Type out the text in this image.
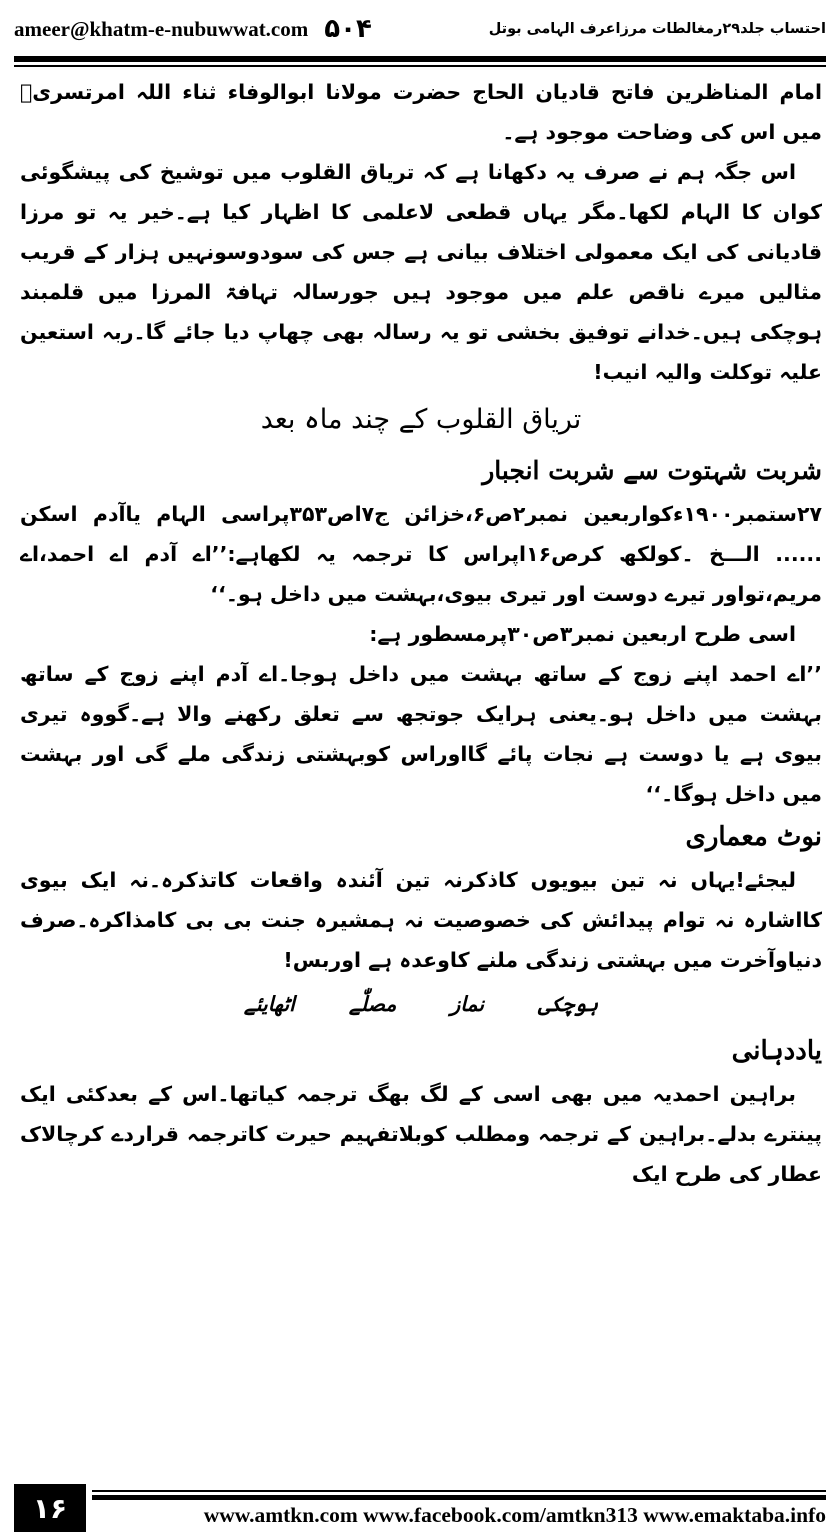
ameer@khatm-e-nubuwwat.com ۵۰۴	احتساب جلد۲۹رمغالطات مرزاعرف الہامی بوتل

امام المناظرین فاتح قادیان الحاج حضرت مولانا ابوالوفاء ثناء اللہ امرتسریؒ میں اس کی وضاحت موجود ہے۔

اس جگہ ہم نے صرف یہ دکھانا ہے کہ تریاق القلوب میں توشیخ کی پیشگوئی کوان کا الہام لکھا۔مگر یہاں قطعی لاعلمی کا اظہار کیا ہے۔خیر یہ تو مرزا قادیانی کی ایک معمولی اختلاف بیانی ہے جس کی سودوسونہیں ہزار کے قریب مثالیں میرے ناقص علم میں موجود ہیں جورسالہ تہافۃ المرزا میں قلمبند ہوچکی ہیں۔خدانے توفیق بخشی تو یہ رسالہ بھی چھاپ دیا جائے گا۔ربہ استعین علیہ توکلت والیہ انیب!

تریاق القلوب کے چند ماہ بعد

شربت شہتوت سے شربت انجبار

۲۷ستمبر۱۹۰۰ءکواربعین نمبر۲ص۶،خزائن ج۷اص۳۵۳پراسی الہام یاآدم اسکن ...... الـــخ ۔کولکھ کرص۱۶اپراس کا ترجمہ یہ لکھاہے:’’اے آدم اے احمد،اے مریم،تواور تیرے دوست اور تیری بیوی،بہشت میں داخل ہو۔‘‘

اسی طرح اربعین نمبر۳ص۳۰پرمسطور ہے:

’’اے احمد اپنے زوج کے ساتھ بہشت میں داخل ہوجا۔اے آدم اپنے زوج کے ساتھ بہشت میں داخل ہو۔یعنی ہرایک جوتجھ سے تعلق رکھنے والا ہے۔گووہ تیری بیوی ہے یا دوست ہے نجات پائے گااوراس کوبہشتی زندگی ملے گی اور بہشت میں داخل ہوگا۔‘‘

نوٹ معماری

لیجئے!یہاں نہ تین بیویوں کاذکرنہ تین آئندہ واقعات کاتذکرہ۔نہ ایک بیوی کااشارہ نہ توام پیدائش کی خصوصیت نہ ہمشیرہ جنت بی بی کامذاکرہ۔صرف دنیاوآخرت میں بہشتی زندگی ملنے کاوعدہ ہے اوربس!

ہوچکی
نماز
مصلّٰے
اٹھایئے

یاددہانی

براہین احمدیہ میں بھی اسی کے لگ بھگ ترجمہ کیاتھا۔اس کے بعدکئی ایک پینترے بدلے۔براہین کے ترجمہ ومطلب کوبلاتفہیم حیرت کاترجمہ قراردے کرچالاک عطار کی طرح ایک

۱۶	www.amtkn.com www.facebook.com/amtkn313 www.emaktaba.info
